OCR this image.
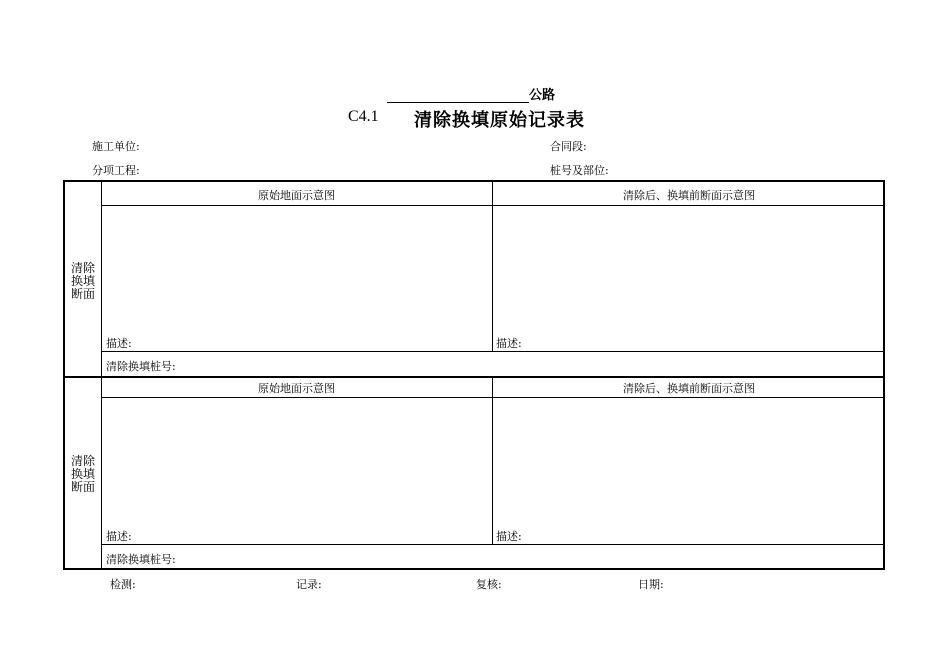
公路
C4.1 清除换填原始记录表
施工单位:	合同段:
分项工程:	桩号及部位:
清除
换填
断面
原始地面示意图	清除后、换填前断面示意图
描述:	描述:
清除换填桩号:
清除
换填
断面
原始地面示意图	清除后、换填前断面示意图
描述:	描述:
清除换填桩号:
检测:	记录:	复核:	日期:
